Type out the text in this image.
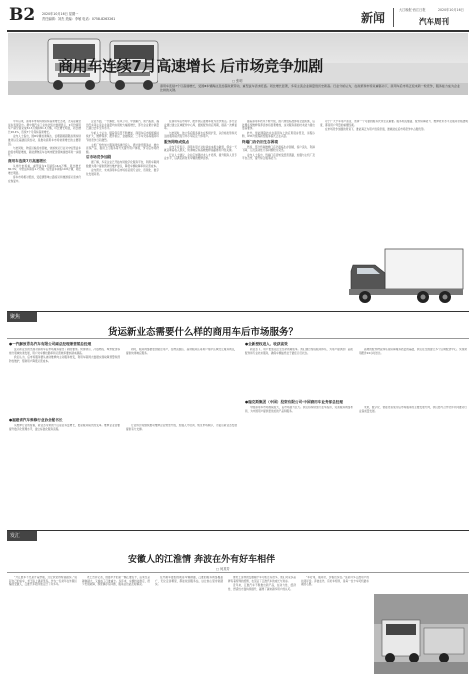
B2 2020年10月16日 星期一
责任编辑：刘杰 美编：李敏 电话：0758-8263261	新闻
大江晚报·西江日报	2020年10月16日
汽车周刊
商用车连续7月高速增长 后市场竞争加剧
□ 张明
商用车连续7个月高速增长，受国Ⅲ车辆淘汰及治超政策带动，重型货车需求旺盛。同比增长显著，多家主流企业销量创历史新高。行业分析认为，在政策和市场双重驱动下，商用车后市场正迎来新一轮竞争，服务能力成为企业比拼的关键。

今年以来，商用车市场持续保持高速增长态势，尤其是重型货车表现突出。据中国汽车工业协会统计数据显示，9月份商用车产销分别完成52.3万辆和51.3万辆，环比增长明显，同比增长28.4%，连续7个月保持高速增长。

业内人士指出，国Ⅲ车辆加速淘汰、治理超载超限政策持续推进以及基建投资拉动，是推动商用车市场快速增长的主要原因。

与此同时，物流运输需求回暖，快递快运行业对中轻型货车的需求明显增加，新能源物流车在城市配送领域渗透率进一步提升。

商用车连续7月高速增长

从细分市场看，重型货车9月销售16.6万辆，同比增长80.3%；中型货车销售1.7万辆；轻型货车销售19.8万辆，同比增长明显。

客车市场相对低迷，受疫情影响公路客运和旅游客运需求仍在恢复中。

企业方面，一汽解放、东风公司、中国重汽、陕汽集团、福田汽车等主流企业销量均实现较大幅度增长，部分企业累计销量已超过去年全年水平。

分析人士认为，随着保有量不断增加，商用车后市场规模持续扩大，维修保养、配件供应、金融保险、二手车交易等服务环节的竞争日趋激烈。

主机厂纷纷加大服务网络建设投入，通过建设服务站、推出延保产品、提供上门服务等方式提升用户体验，争夺后市场份额。

后市场竞争加剧

据了解，多家企业已开始布局数字化服务平台，利用车联网数据为用户提供预防性维护建议，降低车辆故障率和运营成本。

业内预计，未来商用车后市场将呈现专业化、连锁化、数字化发展趋势。

在商用车后市场中，配件供应链效率成为竞争焦点。部分企业通过建立区域配件中心库，缩短配件供应周期，提高一次修复率。

与此同时，独立售后服务商也在积极扩张，以价格优势和灵活的服务模式吸引中小车队及个体用户。

服务网络成焦点

业内专家表示，商用车用户对时间成本极为敏感，停车一天就意味着收入损失，快速响应和高效维修是赢得用户的关键。

行业人士建议，企业应加强技术人才培养，提升服务人员专业水平，以满足新技术车辆的维修需求。

随着商用车技术不断升级，国六排放标准即将全面实施，后处理系统维修保养需求将显著增加，这对服务商的技术能力提出更高要求。

此外，智能网联技术在商用车上的应用逐步普及，远程诊断、OTA升级等新型服务模式正在兴起。

终端门店仍旧生存困境

然而，部分终端维修门店仍面临生存困境，客户流失、利润下降、人员流动性大等问题较为突出。

业内人士指出，终端门店需转变经营思路，加强与主机厂及平台合作，提升综合服务能力。

对于广大卡车用户而言，选择一个可靠的服务伙伴至关重要。服务网点覆盖、配件保障能力、维修技术水平及服务价格透明度，都是用户考量的重要因素。

在市场竞争加剧的背景下，谁能真正为用户创造价值，谁就能在后市场竞争中占据优势。

聚焦
货运新业态需要什么样的商用车后市场服务？
●一汽解放青岛汽车有限公司副总经理兼营销总经理

货运新业态的出现对商用车后市场服务提出了新的要求。快递快运、冷链物流、城市配送等细分领域快速发展，用户对车辆出勤率和运营效率要求越来越高。

我们认为，后市场服务要从被动维修向主动服务转变，利用车联网大数据实现故障预警和预防性维护，帮助用户降低运营成本。

同时，服务网络要更加贴近用户，在物流园区、高速服务区等用户集中区域设立服务网点，提供快速响应服务。

●福建省汽车维修行业协会秘书长

从维修行业角度看，新业态带来的不仅是业务量增长，更是服务模式的变革。维修企业需要提升数字化管理水平，建立标准化服务流程。

行业协会将继续推动维修企业转型升级，加强人才培训，规范市场秩序，为货运新业态发展提供有力支撑。

●全新授权进入、收获高效

新业态下，用户更加关注全生命周期成本。我们通过授权服务体系，为用户提供原厂品质配件和专业技术服务，确保车辆始终处于最佳运行状态。

高效的配件物流体系是保障服务质量的基础，我们在全国建立多个区域配送中心，实现常用配件24小时送达。

●瑞克斯集团（中国）投资有限公司·中国商用车业务部总经理

中国商用车市场规模庞大，后市场潜力巨大。我们将持续加大在华投资，完善服务网络布局，为中国用户提供更优质的产品和服务。

未来，数字化、智能化将成为后市场服务的主要发展方向，我们愿与合作伙伴共同推动行业高质量发展。

发汇
安徽人的江淮情 奔波在外有好车相伴
□ 何其芳

“开江淮车不光是开着舒服，还让我觉得特别踏实。”说起自己的爱车，老王脸上满是笑容。作为一名常年在外跑运输的安徽人，江淮汽车陪伴他走过了许多年。

老王告诉记者，他最早开的是一辆江淮轻卡，后来生意越做越大，又换成了江淮重卡。多年来，车辆性能稳定，很少出现故障，即使偶尔有问题，服务站也能及时解决。

在外跑车最怕的就是车辆抛锚，江淮的服务网络覆盖广，无论走到哪里，都能找到服务站，这让他心里非常踏实。

像老王这样的安徽籍卡车司机还有很多，他们对家乡品牌有着特殊的感情，也见证了江淮汽车的成长与进步。

近年来，江淮汽车不断推出新产品，在动力性、经济性、舒适性方面持续提升，赢得了越来越多用户的认可。

“车好用，服务好，价格也实在。”这是许多江淮用户的共同评价。奔波在外，有好车相伴，是每一位卡车司机最朴素的心愿。
